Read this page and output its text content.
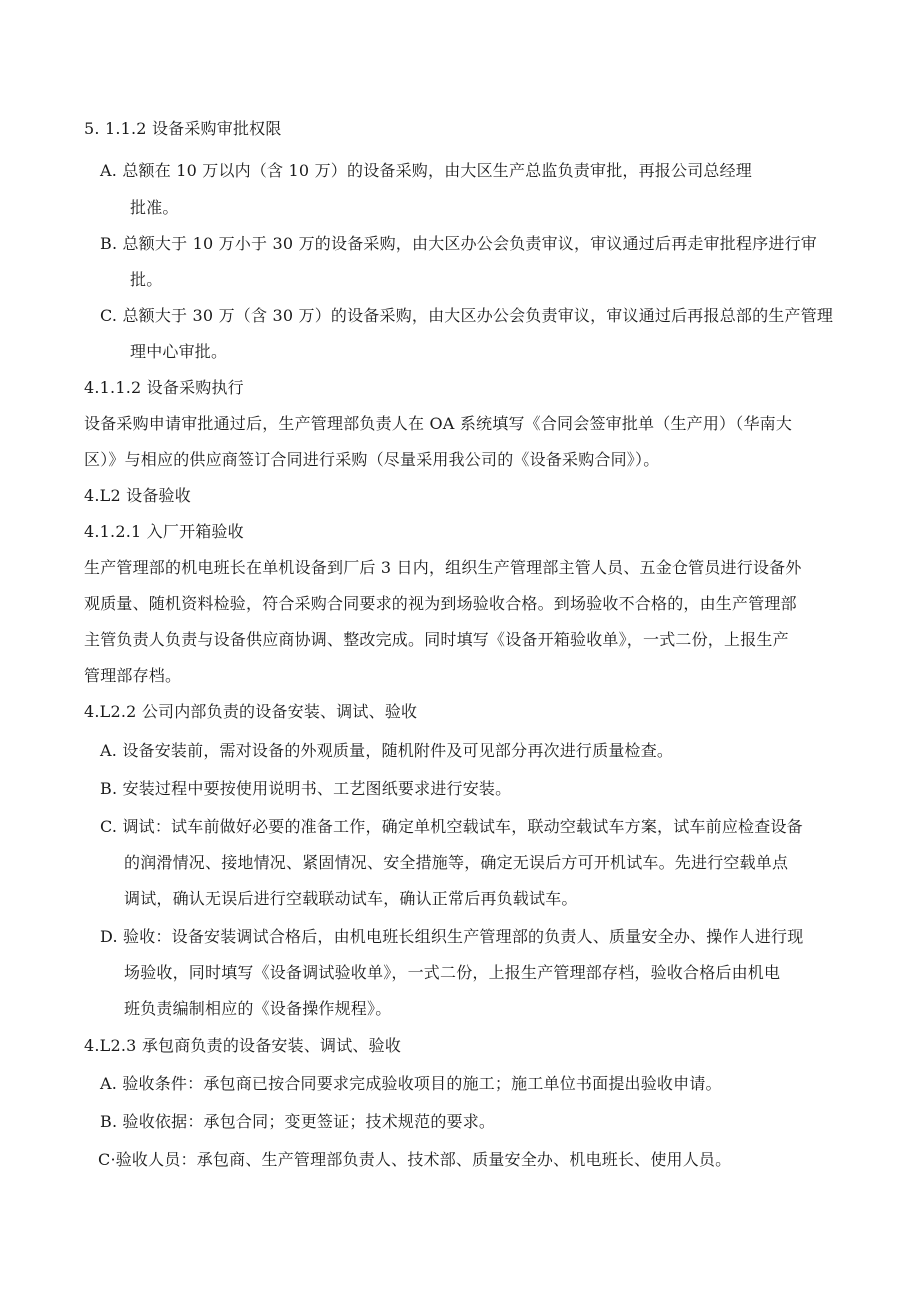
5. 1.1.2 设备采购审批权限

A. 总额在 10 万以内（含 10 万）的设备采购，由大区生产总监负责审批，再报公司总经理

批准。

B. 总额大于 10 万小于 30 万的设备采购，由大区办公会负责审议，审议通过后再走审批程序进行审

批。

C. 总额大于 30 万（含 30 万）的设备采购，由大区办公会负责审议，审议通过后再报总部的生产管理

理中心审批。

4.1.1.2 设备采购执行

设备采购申请审批通过后，生产管理部负责人在 OA 系统填写《合同会签审批单（生产用）（华南大

区）》与相应的供应商签订合同进行采购（尽量采用我公司的《设备采购合同》）。

4.L2 设备验收

4.1.2.1 入厂开箱验收

生产管理部的机电班长在单机设备到厂后 3 日内，组织生产管理部主管人员、五金仓管员进行设备外

观质量、随机资料检验，符合采购合同要求的视为到场验收合格。到场验收不合格的，由生产管理部

主管负责人负责与设备供应商协调、整改完成。同时填写《设备开箱验收单》，一式二份，上报生产

管理部存档。

4.L2.2 公司内部负责的设备安装、调试、验收

A. 设备安装前，需对设备的外观质量，随机附件及可见部分再次进行质量检查。

B. 安装过程中要按使用说明书、工艺图纸要求进行安装。

C. 调试：试车前做好必要的准备工作，确定单机空载试车，联动空载试车方案，试车前应检查设备

的润滑情况、接地情况、紧固情况、安全措施等，确定无误后方可开机试车。先进行空载单点

调试，确认无误后进行空载联动试车，确认正常后再负载试车。

D. 验收：设备安装调试合格后，由机电班长组织生产管理部的负责人、质量安全办、操作人进行现

场验收，同时填写《设备调试验收单》，一式二份，上报生产管理部存档，验收合格后由机电

班负责编制相应的《设备操作规程》。

4.L2.3 承包商负责的设备安装、调试、验收

A. 验收条件：承包商已按合同要求完成验收项目的施工；施工单位书面提出验收申请。

B. 验收依据：承包合同；变更签证；技术规范的要求。

C·验收人员：承包商、生产管理部负责人、技术部、质量安全办、机电班长、使用人员。
